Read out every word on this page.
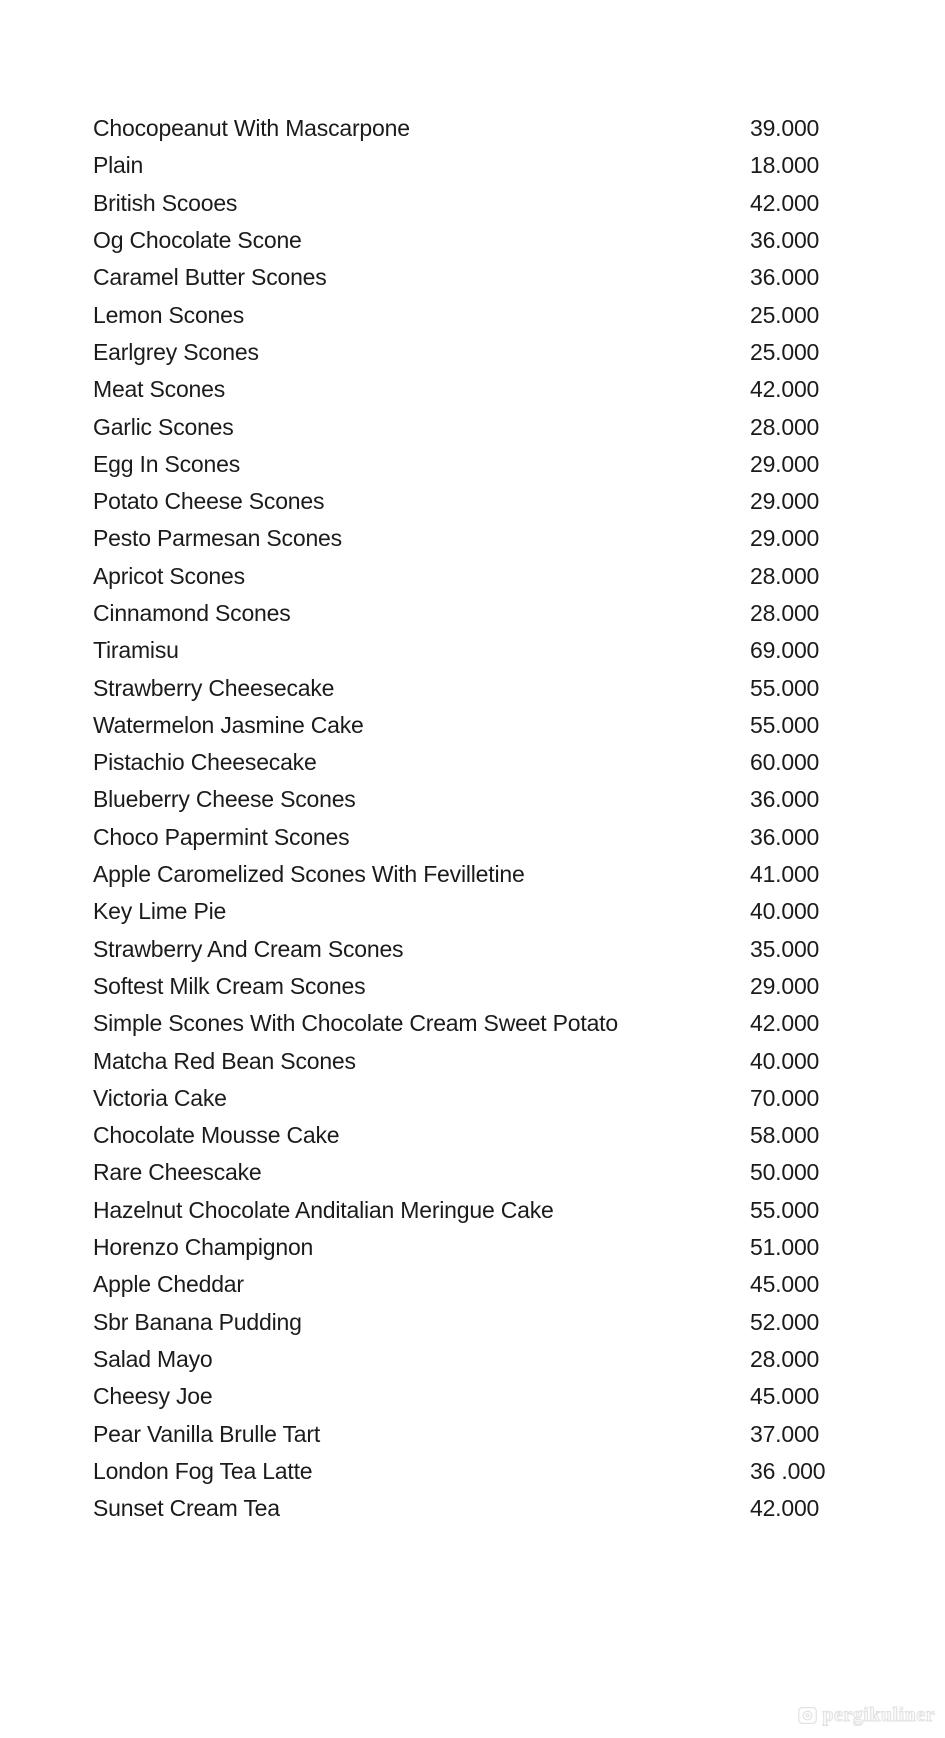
Chocopeanut With Mascarpone	39.000
Plain	18.000
British Scooes	42.000
Og Chocolate Scone	36.000
Caramel Butter Scones	36.000
Lemon Scones	25.000
Earlgrey Scones	25.000
Meat Scones	42.000
Garlic Scones	28.000
Egg In Scones	29.000
Potato Cheese Scones	29.000
Pesto Parmesan Scones	29.000
Apricot Scones	28.000
Cinnamond Scones	28.000
Tiramisu	69.000
Strawberry Cheesecake	55.000
Watermelon Jasmine Cake	55.000
Pistachio Cheesecake	60.000
Blueberry Cheese Scones	36.000
Choco Papermint Scones	36.000
Apple Caromelized Scones With Fevilletine	41.000
Key Lime Pie	40.000
Strawberry And Cream Scones	35.000
Softest Milk Cream Scones	29.000
Simple Scones With Chocolate Cream Sweet Potato	42.000
Matcha Red Bean Scones	40.000
Victoria Cake	70.000
Chocolate Mousse Cake	58.000
Rare Cheescake	50.000
Hazelnut Chocolate Anditalian Meringue Cake	55.000
Horenzo Champignon	51.000
Apple Cheddar	45.000
Sbr Banana Pudding	52.000
Salad Mayo	28.000
Cheesy Joe	45.000
Pear Vanilla Brulle Tart	37.000
London Fog Tea Latte	36 .000
Sunset Cream Tea	42.000
pergikuliner
